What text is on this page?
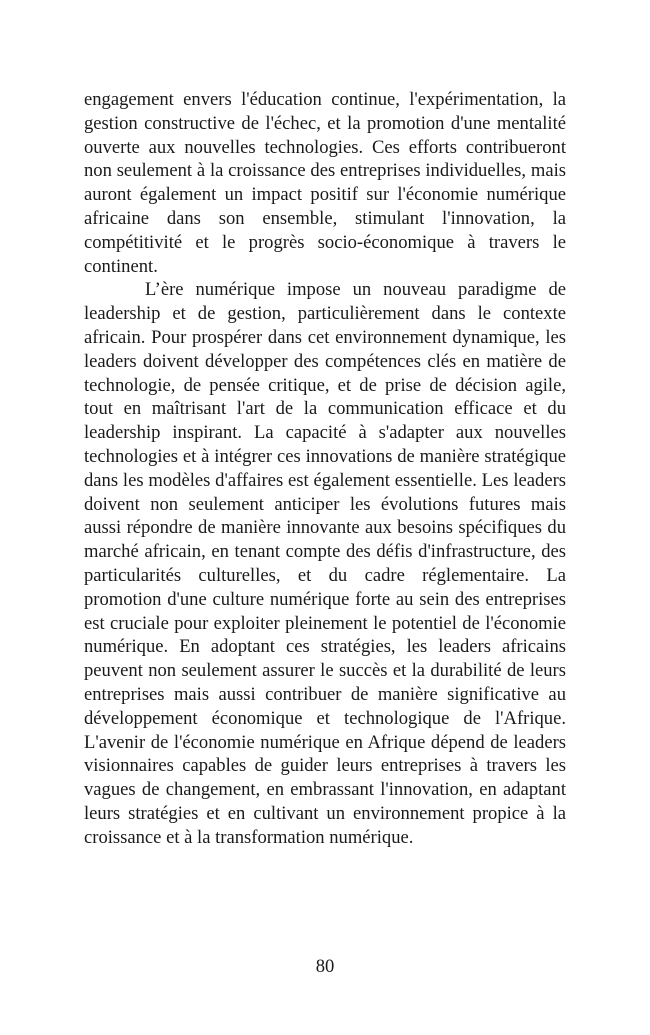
engagement envers l'éducation continue, l'expérimentation, la gestion constructive de l'échec, et la promotion d'une mentalité ouverte aux nouvelles technologies. Ces efforts contribueront non seulement à la croissance des entreprises individuelles, mais auront également un impact positif sur l'économie numérique africaine dans son ensemble, stimulant l'innovation, la compétitivité et le progrès socio-économique à travers le continent.

L’ère numérique impose un nouveau paradigme de leadership et de gestion, particulièrement dans le contexte africain. Pour prospérer dans cet environnement dynamique, les leaders doivent développer des compétences clés en matière de technologie, de pensée critique, et de prise de décision agile, tout en maîtrisant l'art de la communication efficace et du leadership inspirant. La capacité à s'adapter aux nouvelles technologies et à intégrer ces innovations de manière stratégique dans les modèles d'affaires est également essentielle. Les leaders doivent non seulement anticiper les évolutions futures mais aussi répondre de manière innovante aux besoins spécifiques du marché africain, en tenant compte des défis d'infrastructure, des particularités culturelles, et du cadre réglementaire. La promotion d'une culture numérique forte au sein des entreprises est cruciale pour exploiter pleinement le potentiel de l'économie numérique. En adoptant ces stratégies, les leaders africains peuvent non seulement assurer le succès et la durabilité de leurs entreprises mais aussi contribuer de manière significative au développement économique et technologique de l'Afrique. L'avenir de l'économie numérique en Afrique dépend de leaders visionnaires capables de guider leurs entreprises à travers les vagues de changement, en embrassant l'innovation, en adaptant leurs stratégies et en cultivant un environnement propice à la croissance et à la transformation numérique.

80
